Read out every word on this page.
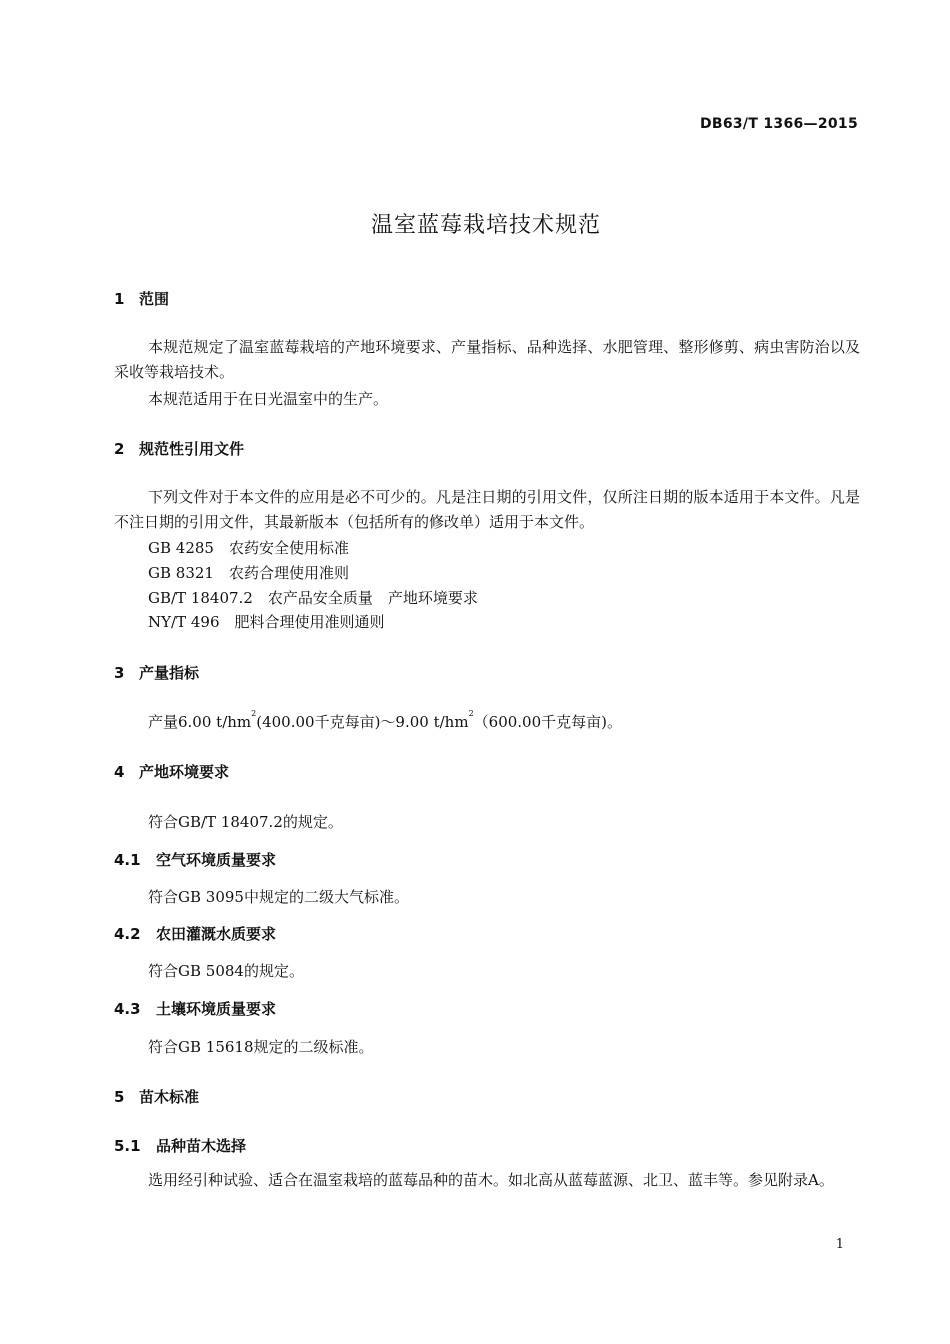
DB63/T 1366—2015
温室蓝莓栽培技术规范
1 范围
本规范规定了温室蓝莓栽培的产地环境要求、产量指标、品种选择、水肥管理、整形修剪、病虫害防治以及采收等栽培技术。
本规范适用于在日光温室中的生产。
2 规范性引用文件
下列文件对于本文件的应用是必不可少的。凡是注日期的引用文件，仅所注日期的版本适用于本文件。凡是不注日期的引用文件，其最新版本（包括所有的修改单）适用于本文件。
GB 4285　农药安全使用标准
GB 8321　农药合理使用准则
GB/T 18407.2　农产品安全质量　产地环境要求
NY/T 496　肥料合理使用准则通则
3 产量指标
产量6.00 $t/hm^2(400.00$千克每亩)～9.00 $t/hm^2(600.00$千克每亩)。
4 产地环境要求
符合GB/T 18407.2的规定。
4.1 空气环境质量要求
符合GB 3095中规定的二级大气标准。
4.2 农田灌溉水质要求
符合GB 5084的规定。
4.3 土壤环境质量要求
符合GB 15618规定的二级标准。
5 苗木标准
5.1 品种苗木选择
选用经引种试验、适合在温室栽培的蓝莓品种的苗木。如北高从蓝莓蓝源、北卫、蓝丰等。参见附录A。
1
